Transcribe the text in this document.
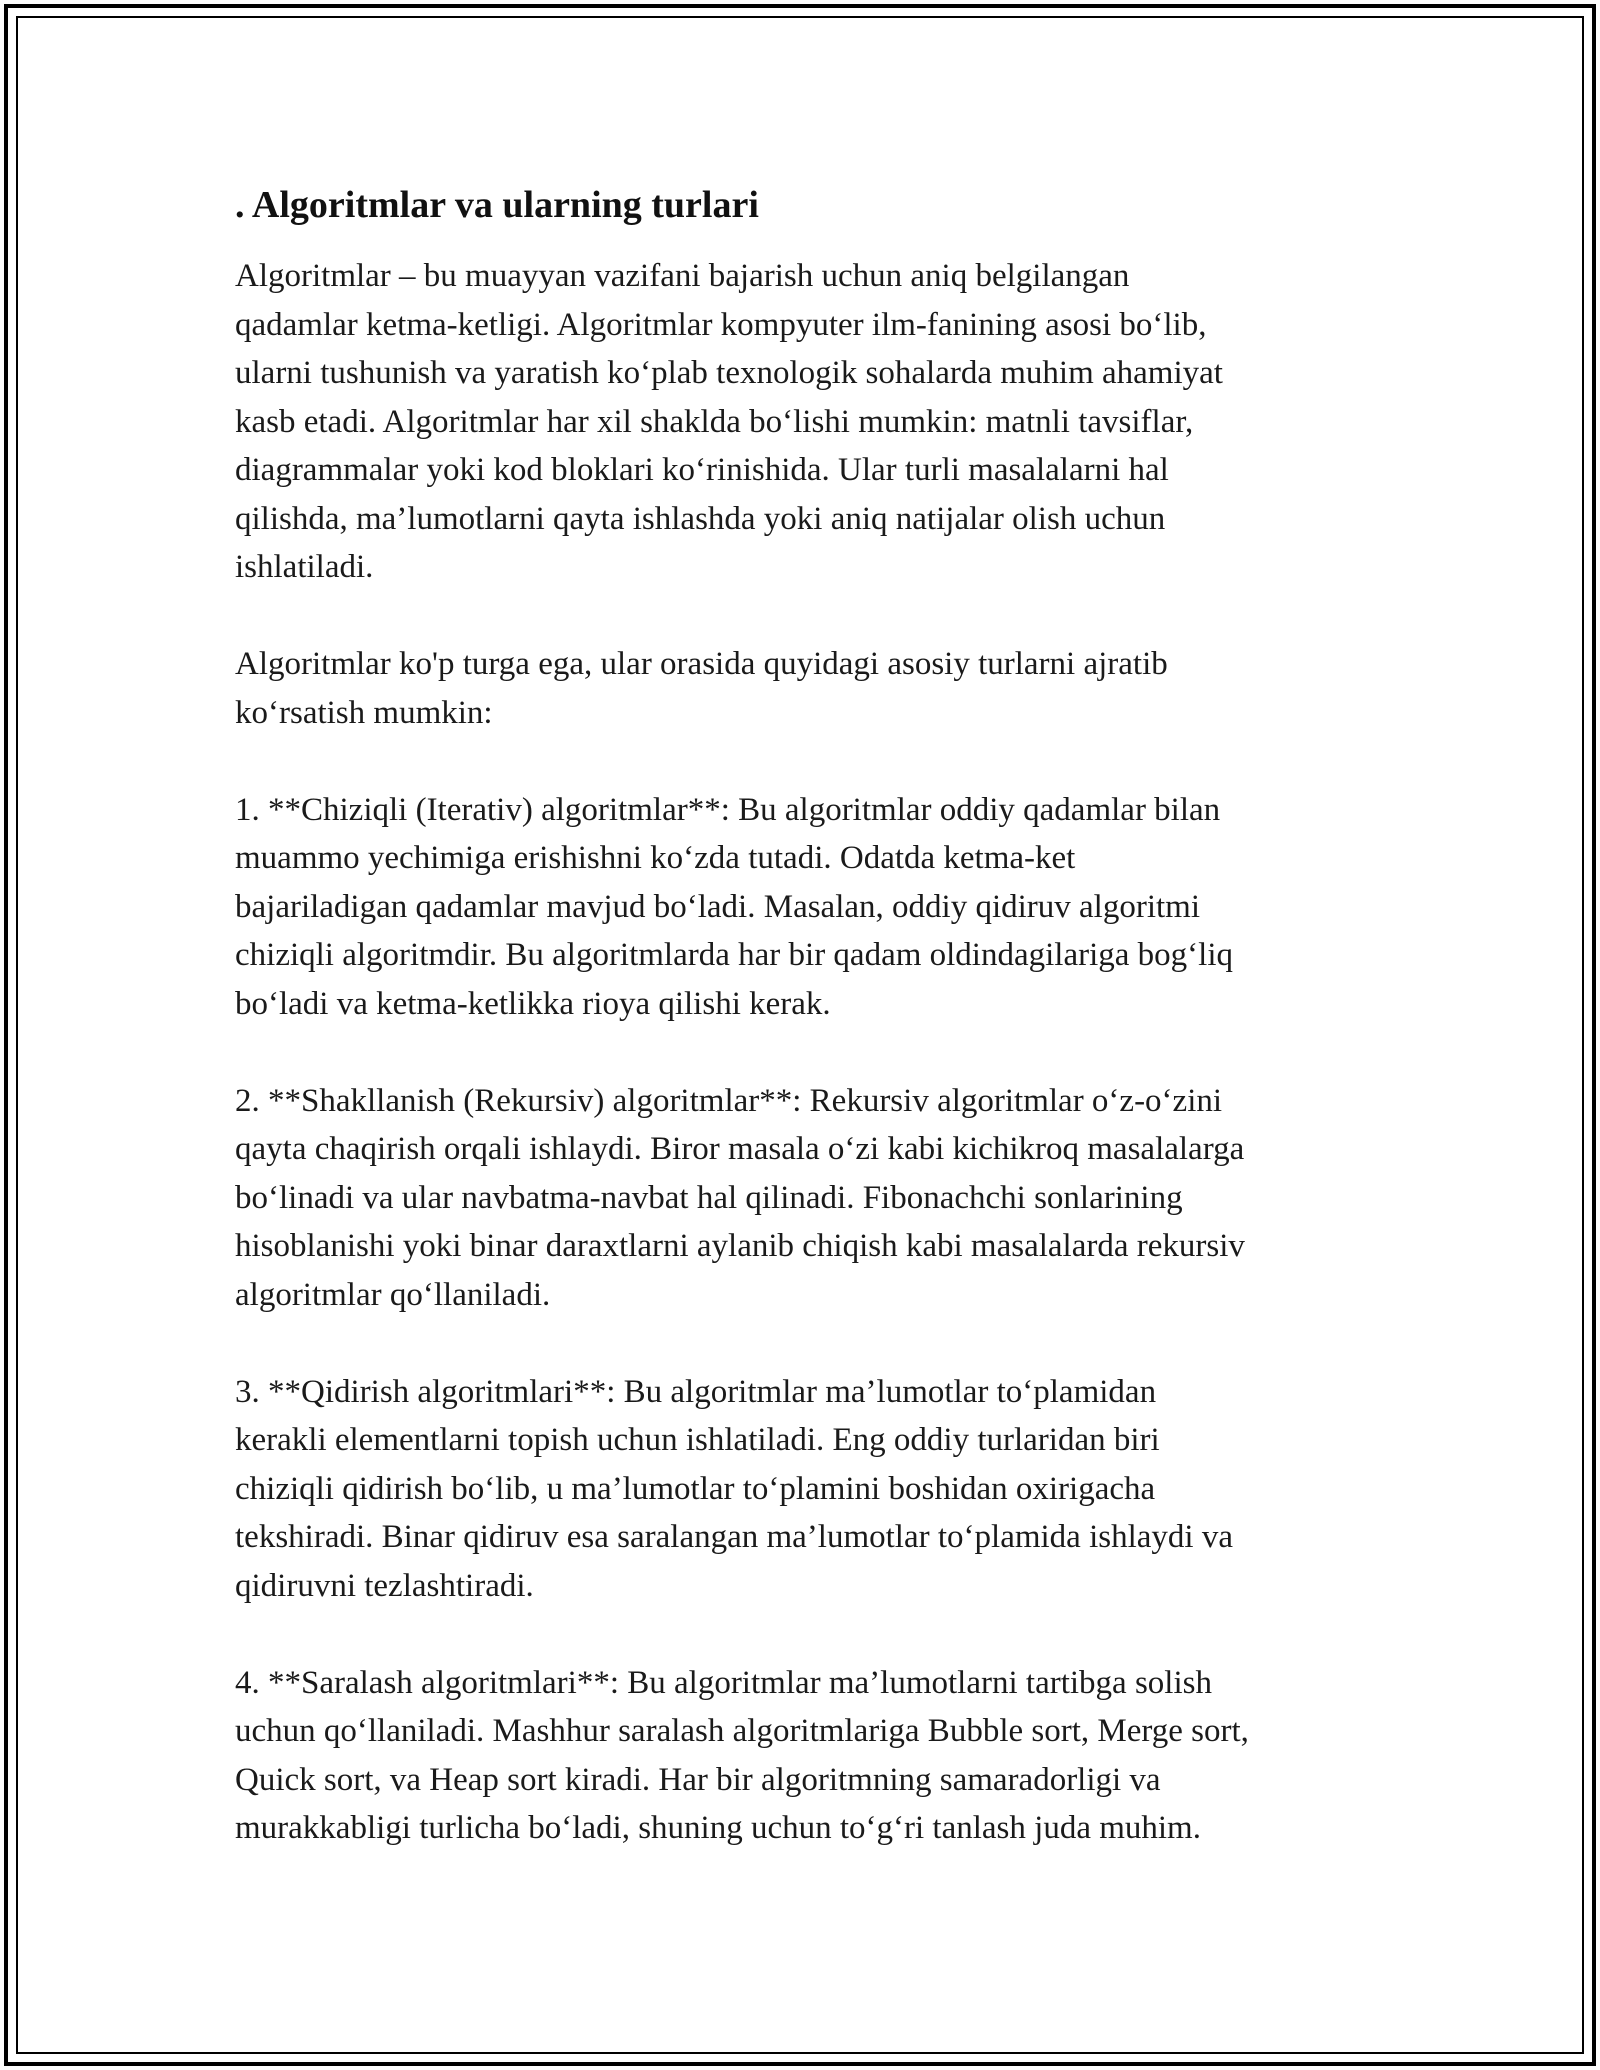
. Algoritmlar va ularning turlari

Algoritmlar – bu muayyan vazifani bajarish uchun aniq belgilangan
qadamlar ketma-ketligi. Algoritmlar kompyuter ilm-fanining asosi bo‘lib,
ularni tushunish va yaratish ko‘plab texnologik sohalarda muhim ahamiyat
kasb etadi. Algoritmlar har xil shaklda bo‘lishi mumkin: matnli tavsiflar,
diagrammalar yoki kod bloklari ko‘rinishida. Ular turli masalalarni hal
qilishda, ma’lumotlarni qayta ishlashda yoki aniq natijalar olish uchun
ishlatiladi.

Algoritmlar ko'p turga ega, ular orasida quyidagi asosiy turlarni ajratib
ko‘rsatish mumkin:

1. **Chiziqli (Iterativ) algoritmlar**: Bu algoritmlar oddiy qadamlar bilan
muammo yechimiga erishishni ko‘zda tutadi. Odatda ketma-ket
bajariladigan qadamlar mavjud bo‘ladi. Masalan, oddiy qidiruv algoritmi
chiziqli algoritmdir. Bu algoritmlarda har bir qadam oldindagilariga bog‘liq
bo‘ladi va ketma-ketlikka rioya qilishi kerak.

2. **Shakllanish (Rekursiv) algoritmlar**: Rekursiv algoritmlar o‘z-o‘zini
qayta chaqirish orqali ishlaydi. Biror masala o‘zi kabi kichikroq masalalarga
bo‘linadi va ular navbatma-navbat hal qilinadi. Fibonachchi sonlarining
hisoblanishi yoki binar daraxtlarni aylanib chiqish kabi masalalarda rekursiv
algoritmlar qo‘llaniladi.

3. **Qidirish algoritmlari**: Bu algoritmlar ma’lumotlar to‘plamidan
kerakli elementlarni topish uchun ishlatiladi. Eng oddiy turlaridan biri
chiziqli qidirish bo‘lib, u ma’lumotlar to‘plamini boshidan oxirigacha
tekshiradi. Binar qidiruv esa saralangan ma’lumotlar to‘plamida ishlaydi va
qidiruvni tezlashtiradi.

4. **Saralash algoritmlari**: Bu algoritmlar ma’lumotlarni tartibga solish
uchun qo‘llaniladi. Mashhur saralash algoritmlariga Bubble sort, Merge sort,
Quick sort, va Heap sort kiradi. Har bir algoritmning samaradorligi va
murakkabligi turlicha bo‘ladi, shuning uchun to‘g‘ri tanlash juda muhim.
